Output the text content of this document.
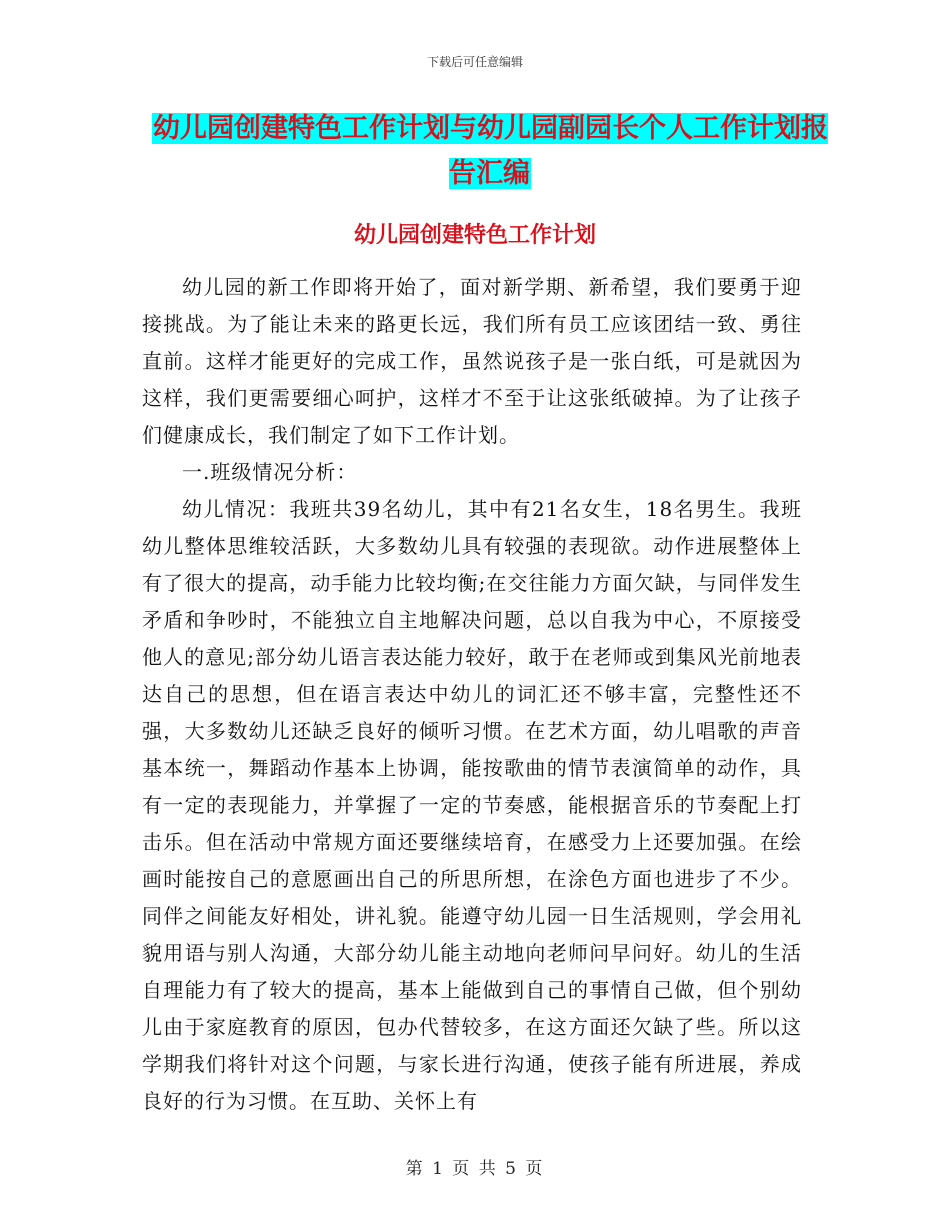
下载后可任意编辑
幼儿园创建特色工作计划与幼儿园副园长个人工作计划报告汇编
幼儿园创建特色工作计划

幼儿园的新工作即将开始了，面对新学期、新希望，我们要勇于迎接挑战。为了能让未来的路更长远，我们所有员工应该团结一致、勇往直前。这样才能更好的完成工作，虽然说孩子是一张白纸，可是就因为这样，我们更需要细心呵护，这样才不至于让这张纸破掉。为了让孩子们健康成长，我们制定了如下工作计划。

一.班级情况分析：

幼儿情况：我班共39名幼儿，其中有21名女生，18名男生。我班幼儿整体思维较活跃，大多数幼儿具有较强的表现欲。动作进展整体上有了很大的提高，动手能力比较均衡;在交往能力方面欠缺，与同伴发生矛盾和争吵时，不能独立自主地解决问题，总以自我为中心，不原接受他人的意见;部分幼儿语言表达能力较好，敢于在老师或到集风光前地表达自己的思想，但在语言表达中幼儿的词汇还不够丰富，完整性还不强，大多数幼儿还缺乏良好的倾听习惯。在艺术方面，幼儿唱歌的声音基本统一，舞蹈动作基本上协调，能按歌曲的情节表演简单的动作，具有一定的表现能力，并掌握了一定的节奏感，能根据音乐的节奏配上打击乐。但在活动中常规方面还要继续培育，在感受力上还要加强。在绘画时能按自己的意愿画出自己的所思所想，在涂色方面也进步了不少。同伴之间能友好相处，讲礼貌。能遵守幼儿园一日生活规则，学会用礼貌用语与别人沟通，大部分幼儿能主动地向老师问早问好。幼儿的生活自理能力有了较大的提高，基本上能做到自己的事情自己做，但个别幼儿由于家庭教育的原因，包办代替较多，在这方面还欠缺了些。所以这学期我们将针对这个问题，与家长进行沟通，使孩子能有所进展，养成良好的行为习惯。在互助、关怀上有

第 1 页 共 5 页
